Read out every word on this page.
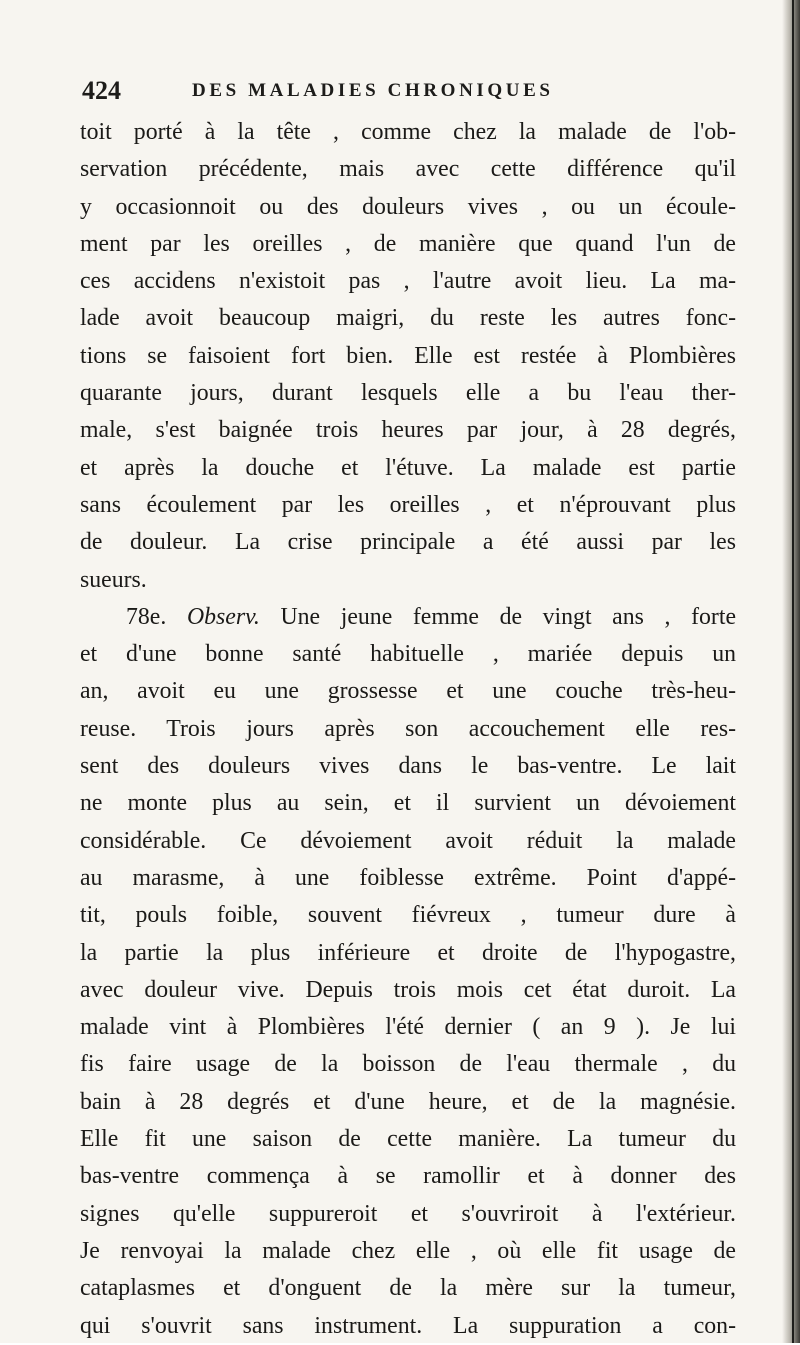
424	DES MALADIES CHRONIQUES
toit porté à la tête , comme chez la malade de l'ob-
servation précédente, mais avec cette différence qu'il
y occasionnoit ou des douleurs vives , ou un écoule-
ment par les oreilles , de manière que quand l'un de
ces accidens n'existoit pas , l'autre avoit lieu. La ma-
lade avoit beaucoup maigri, du reste les autres fonc-
tions se faisoient fort bien. Elle est restée à Plombières
quarante jours, durant lesquels elle a bu l'eau ther-
male, s'est baignée trois heures par jour, à 28 degrés,
et après la douche et l'étuve. La malade est partie
sans écoulement par les oreilles , et n'éprouvant plus
de douleur. La crise principale a été aussi par les
sueurs.
78e. Observ. Une jeune femme de vingt ans , forte
et d'une bonne santé habituelle , mariée depuis un
an, avoit eu une grossesse et une couche très-heu-
reuse. Trois jours après son accouchement elle res-
sent des douleurs vives dans le bas-ventre. Le lait
ne monte plus au sein, et il survient un dévoiement
considérable. Ce dévoiement avoit réduit la malade
au marasme, à une foiblesse extrême. Point d'appé-
tit, pouls foible, souvent fiévreux , tumeur dure à
la partie la plus inférieure et droite de l'hypogastre,
avec douleur vive. Depuis trois mois cet état duroit. La
malade vint à Plombières l'été dernier ( an 9 ). Je lui
fis faire usage de la boisson de l'eau thermale , du
bain à 28 degrés et d'une heure, et de la magnésie.
Elle fit une saison de cette manière. La tumeur du
bas-ventre commença à se ramollir et à donner des
signes qu'elle suppureroit et s'ouvriroit à l'extérieur.
Je renvoyai la malade chez elle , où elle fit usage de
cataplasmes et d'onguent de la mère sur la tumeur,
qui s'ouvrit sans instrument. La suppuration a con-
